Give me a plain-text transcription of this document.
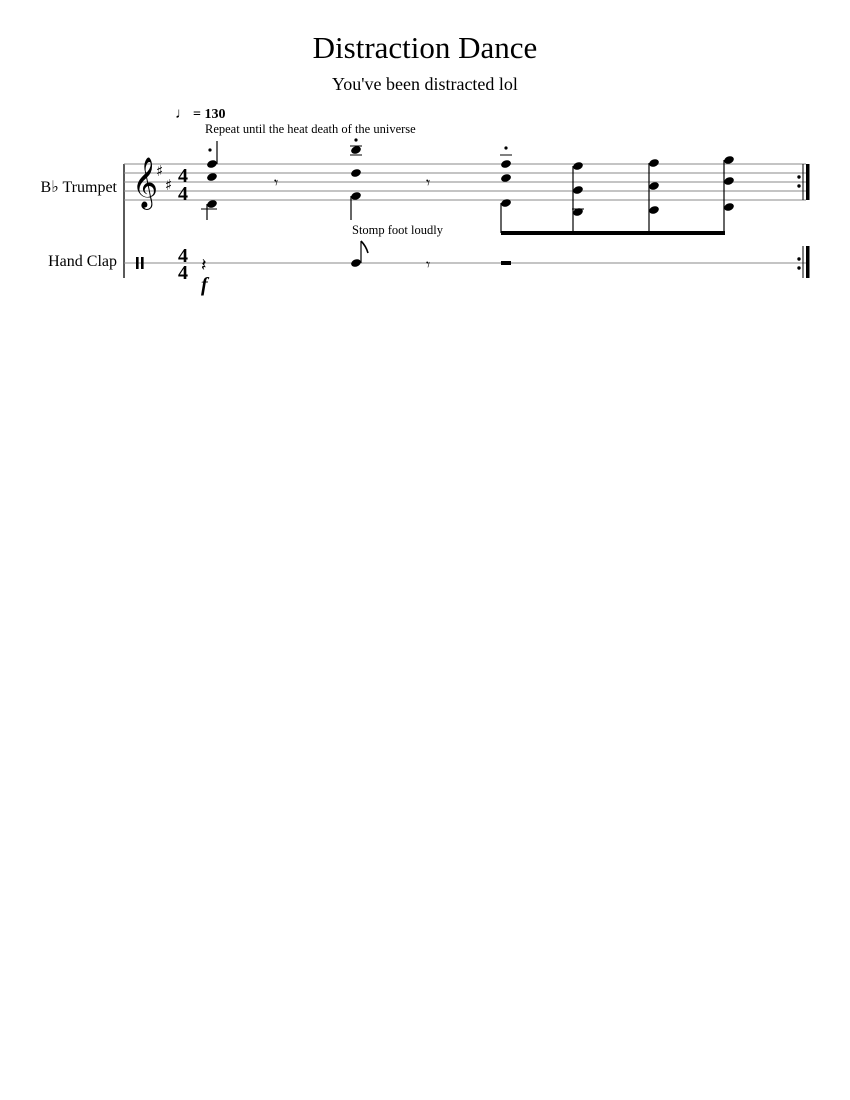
Distraction Dance
You've been distracted lol
♩ = 130
Repeat until the heat death of the universe
Stomp foot loudly
B♭ Trumpet
Hand Clap
f
𝄞
♯
♯ 4
4
𝄾	𝄾
4
4 𝄽	𝄾
